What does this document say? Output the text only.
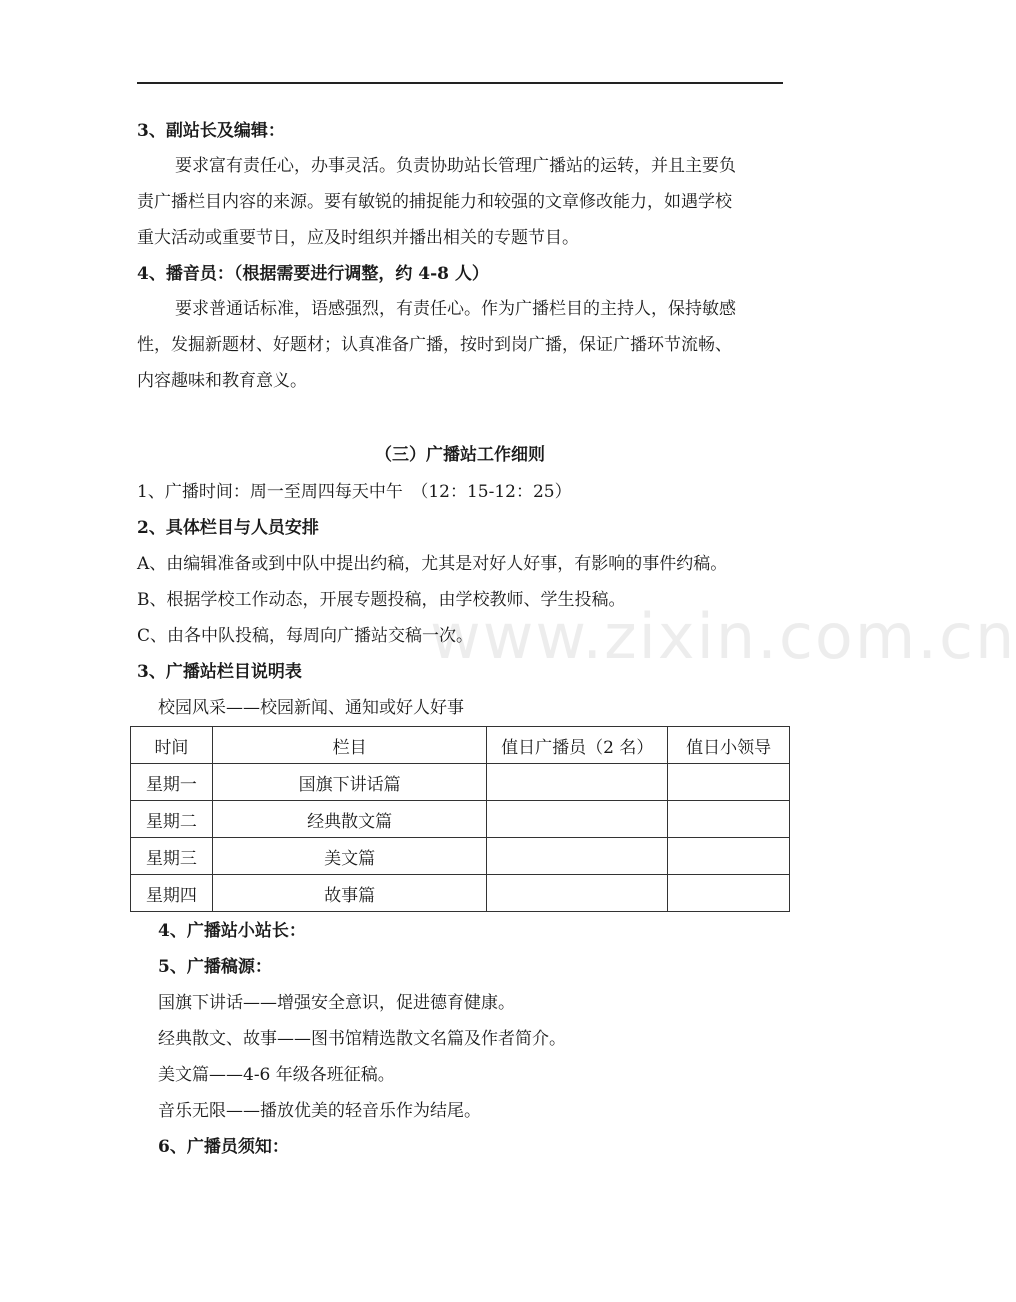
www.zixin.com.cn
3、副站长及编辑：
要求富有责任心，办事灵活。负责协助站长管理广播站的运转，并且主要负
责广播栏目内容的来源。要有敏锐的捕捉能力和较强的文章修改能力，如遇学校
重大活动或重要节日，应及时组织并播出相关的专题节目。
4、播音员：（根据需要进行调整，约 4-8 人）
要求普通话标准，语感强烈，有责任心。作为广播栏目的主持人，保持敏感
性，发掘新题材、好题材；认真准备广播，按时到岗广播，保证广播环节流畅、
内容趣味和教育意义。
（三）广播站工作细则
1、广播时间：周一至周四每天中午　（12：15-12：25）
2、具体栏目与人员安排
A、由编辑准备或到中队中提出约稿，尤其是对好人好事，有影响的事件约稿。
B、根据学校工作动态，开展专题投稿，由学校教师、学生投稿。
C、由各中队投稿，每周向广播站交稿一次。
3、广播站栏目说明表
校园风采——校园新闻、通知或好人好事
时间	栏目	值日广播员（2 名）	值日小领导
星期一	国旗下讲话篇		
星期二	经典散文篇		
星期三	美文篇		
星期四	故事篇		
4、广播站小站长：
5、广播稿源：
国旗下讲话——增强安全意识，促进德育健康。
经典散文、故事——图书馆精选散文名篇及作者简介。
美文篇——4-6 年级各班征稿。
音乐无限——播放优美的轻音乐作为结尾。
6、广播员须知：
